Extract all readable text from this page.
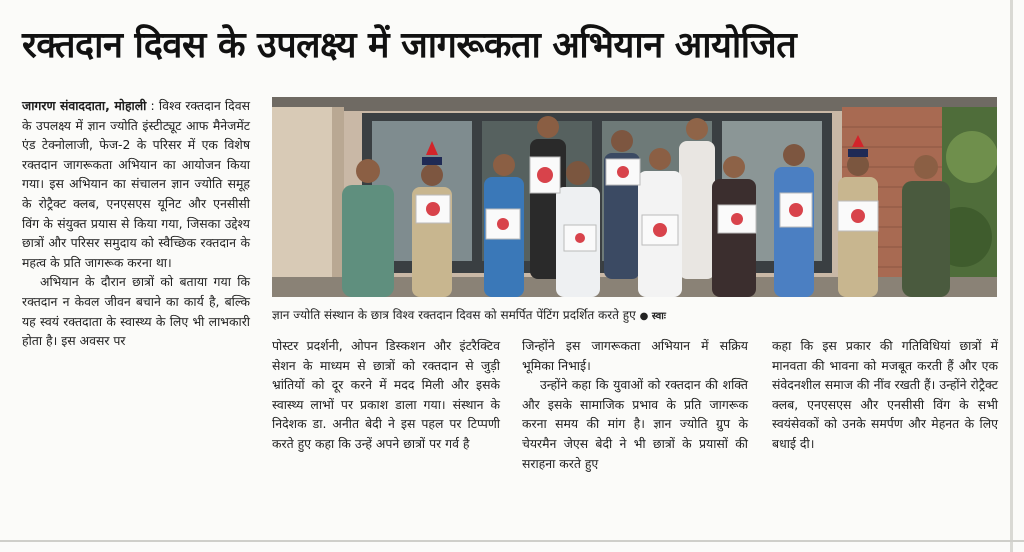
रक्तदान दिवस के उपलक्ष्य में जागरूकता अभियान आयोजित

जागरण संवाददाता, मोहाली : विश्व रक्तदान दिवस के उपलक्ष्य में ज्ञान ज्योति इंस्टीट्यूट आफ मैनेजमेंट एंड टेक्नोलाजी, फेज-2 के परिसर में एक विशेष रक्तदान जागरूकता अभियान का आयोजन किया गया। इस अभियान का संचालन ज्ञान ज्योति समूह के रोट्रैक्ट क्लब, एनएसएस यूनिट और एनसीसी विंग के संयुक्त प्रयास से किया गया, जिसका उद्देश्य छात्रों और परिसर समुदाय को स्वैच्छिक रक्तदान के महत्व के प्रति जागरूक करना था।

अभियान के दौरान छात्रों को बताया गया कि रक्तदान न केवल जीवन बचाने का कार्य है, बल्कि यह स्वयं रक्तदाता के स्वास्थ्य के लिए भी लाभकारी होता है। इस अवसर पर

ज्ञान ज्योति संस्थान के छात्र विश्व रक्तदान दिवस को समर्पित पेंटिंग प्रदर्शित करते हुए ● स्वाः

पोस्टर प्रदर्शनी, ओपन डिस्कशन और इंटरैक्टिव सेशन के माध्यम से छात्रों को रक्तदान से जुड़ी भ्रांतियों को दूर करने में मदद मिली और इसके स्वास्थ्य लाभों पर प्रकाश डाला गया। संस्थान के निदेशक डा. अनीत बेदी ने इस पहल पर टिप्पणी करते हुए कहा कि उन्हें अपने छात्रों पर गर्व है

जिन्होंने इस जागरूकता अभियान में सक्रिय भूमिका निभाई।

उन्होंने कहा कि युवाओं को रक्तदान की शक्ति और इसके सामाजिक प्रभाव के प्रति जागरूक करना समय की मांग है। ज्ञान ज्योति ग्रुप के चेयरमैन जेएस बेदी ने भी छात्रों के प्रयासों की सराहना करते हुए

कहा कि इस प्रकार की गतिविधियां छात्रों में मानवता की भावना को मजबूत करती हैं और एक संवेदनशील समाज की नींव रखती हैं। उन्होंने रोट्रैक्ट क्लब, एनएसएस और एनसीसी विंग के सभी स्वयंसेवकों को उनके समर्पण और मेहनत के लिए बधाई दी।
